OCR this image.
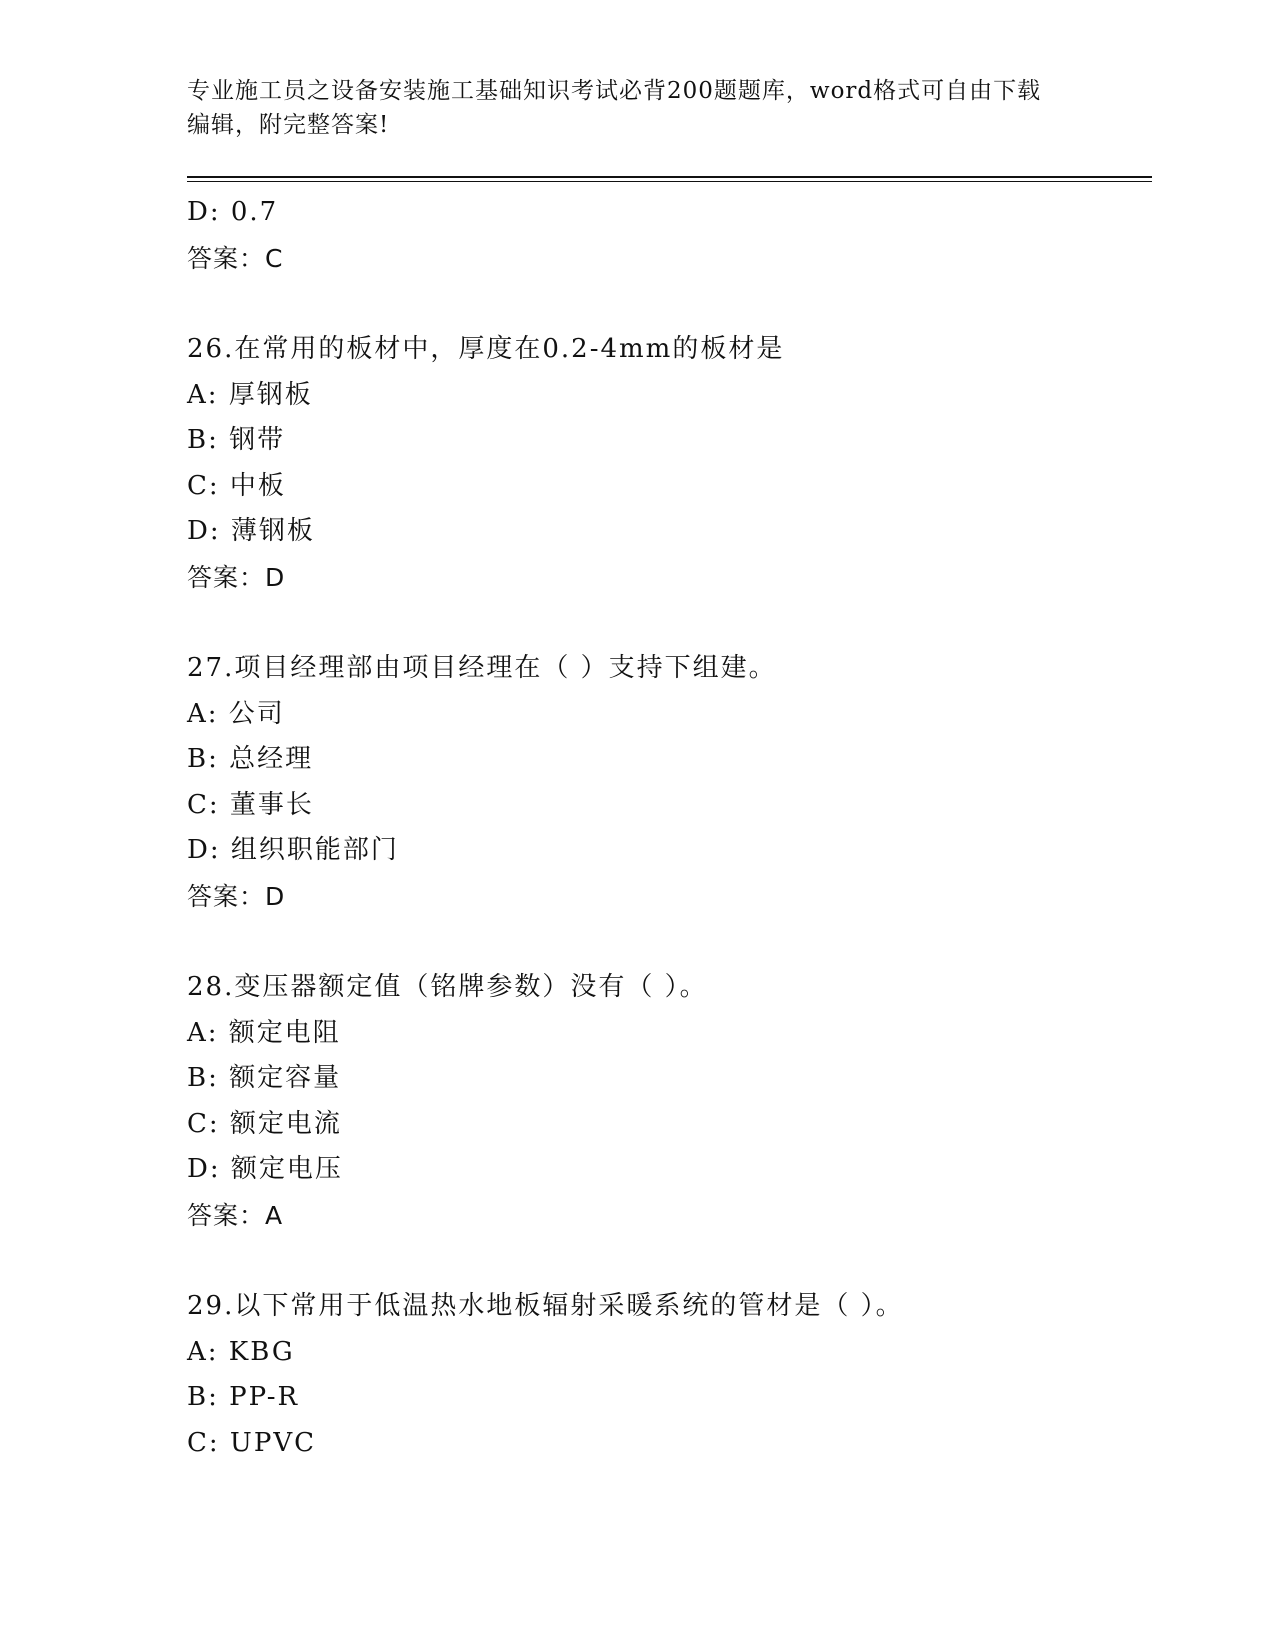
专业施工员之设备安装施工基础知识考试必背200题题库，word格式可自由下载
编辑，附完整答案!
D: 0.7
答案：C
26.在常用的板材中，厚度在0.2-4mm的板材是
A: 厚钢板
B: 钢带
C: 中板
D: 薄钢板
答案：D
27.项目经理部由项目经理在（ ）支持下组建。
A: 公司
B: 总经理
C: 董事长
D: 组织职能部门
答案：D
28.变压器额定值（铭牌参数）没有（ ）。
A: 额定电阻
B: 额定容量
C: 额定电流
D: 额定电压
答案：A
29.以下常用于低温热水地板辐射采暖系统的管材是（ ）。
A: KBG
B: PP-R
C: UPVC
